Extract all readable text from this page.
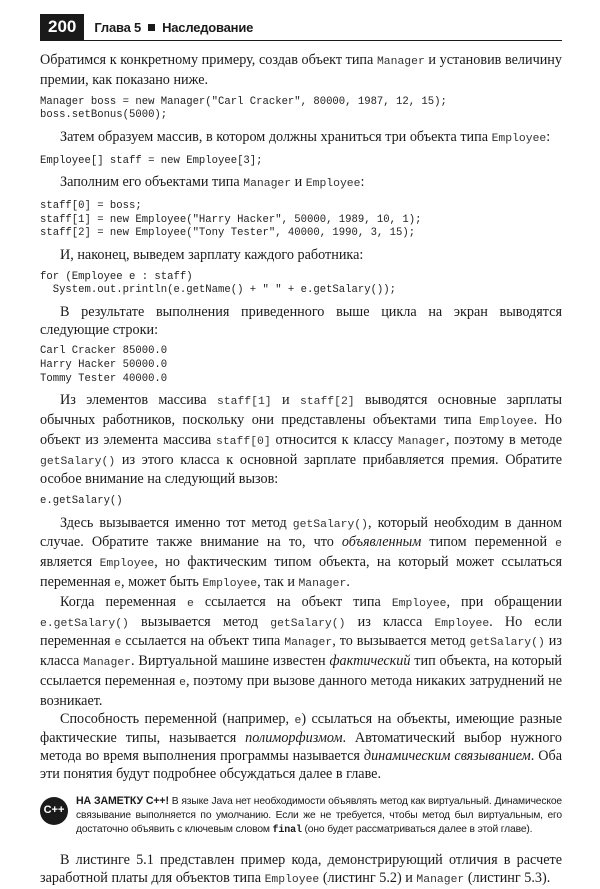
200	Глава 5 Наследование

Обратимся к конкретному примеру, создав объект типа Manager и установив величину премии, как показано ниже.

Manager boss = new Manager("Carl Cracker", 80000, 1987, 12, 15);
boss.setBonus(5000);

Затем образуем массив, в котором должны храниться три объекта типа Employee:

Employee[] staff = new Employee[3];

Заполним его объектами типа Manager и Employee:

staff[0] = boss;
staff[1] = new Employee("Harry Hacker", 50000, 1989, 10, 1);
staff[2] = new Employee("Tony Tester", 40000, 1990, 3, 15);

И, наконец, выведем зарплату каждого работника:

for (Employee e : staff)
System.out.println(e.getName() + " " + e.getSalary());

В результате выполнения приведенного выше цикла на экран выводятся следующие строки:

Carl Cracker 85000.0
Harry Hacker 50000.0
Tommy Tester 40000.0

Из элементов массива staff[1] и staff[2] выводятся основные зарплаты обычных работников, поскольку они представлены объектами типа Employee. Но объект из элемента массива staff[0] относится к классу Manager, поэтому в методе getSalary() из этого класса к основной зарплате прибавляется премия. Обратите особое внимание на следующий вызов:

e.getSalary()

Здесь вызывается именно тот метод getSalary(), который необходим в данном случае. Обратите также внимание на то, что объявленным типом переменной e является Employee, но фактическим типом объекта, на который может ссылаться переменная e, может быть Employee, так и Manager.

Когда переменная e ссылается на объект типа Employee, при обращении e.getSalary() вызывается метод getSalary() из класса Employee. Но если переменная e ссылается на объект типа Manager, то вызывается метод getSalary() из класса Manager. Виртуальной машине известен фактический тип объекта, на который ссылается переменная e, поэтому при вызове данного метода никаких затруднений не возникает.

Способность переменной (например, e) ссылаться на объекты, имеющие разные фактические типы, называется полиморфизмом. Автоматический выбор нужного метода во время выполнения программы называется динамическим связыванием. Оба эти понятия будут подробнее обсуждаться далее в главе.

C++
НА ЗАМЕТКУ C++! В языке Java нет необходимости объявлять метод как виртуальный. Динамическое связывание выполняется по умолчанию. Если же не требуется, чтобы метод был виртуальным, его достаточно объявить с ключевым словом final (оно будет рассматриваться далее в этой главе).

В листинге 5.1 представлен пример кода, демонстрирующий отличия в расчете заработной платы для объектов типа Employee (листинг 5.2) и Manager (листинг 5.3).
